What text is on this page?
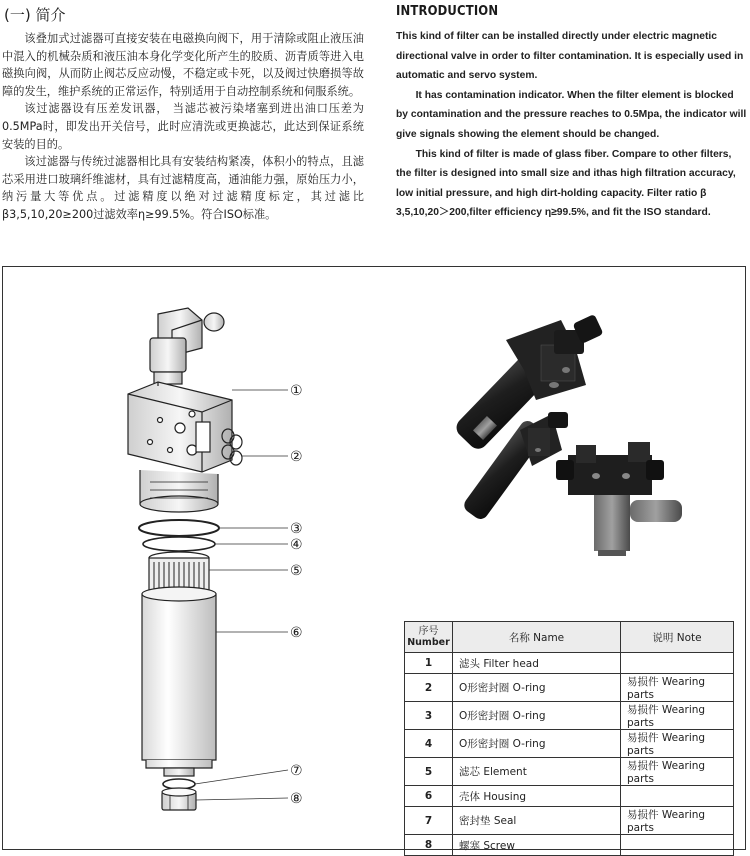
(一) 简介

该叠加式过滤器可直接安装在电磁换向阀下，用于清除或阻止液压油中混入的机械杂质和液压油本身化学变化所产生的胶质、沥青质等进入电磁换向阀，从而防止阀芯反应动慢，不稳定或卡死，以及阀过快磨损等故障的发生，维护系统的正常运作，特别适用于自动控制系统和伺服系统。

该过滤器设有压差发讯器， 当滤芯被污染堵塞到进出油口压差为0.5MPa时，即发出开关信号，此时应清洗或更换滤芯，此达到保证系统安装的目的。

该过滤器与传统过滤器相比具有安装结构紧凑，体积小的特点，且滤芯采用进口玻璃纤维滤材，具有过滤精度高，通油能力强，原始压力小，纳污量大等优点。过滤精度以绝对过滤精度标定，其过滤比 β3,5,10,20≥200过滤效率η≥99.5%。符合ISO标准。

INTRODUCTION

This kind of filter can be installed directly under electric magnetic directional valve in order to filter contamination. It is especially used in automatic and servo system.

It has contamination indicator. When the filter element is blocked by contamination and the pressure reaches to 0.5Mpa, the indicator will give signals showing the element should be changed.

This kind of filter is made of glass fiber. Compare to other filters, the filter is designed into small size and ithas high filtration accuracy, low initial pressure, and high dirt-holding capacity. Filter ratio β 3,5,10,20＞200,filter efficiency η≥99.5%, and fit the ISO standard.

①
②
③
④
⑤
⑥
⑦
⑧
序号
Number	名称 Name	说明 Note
1	滤头 Filter head	
2	O形密封圈 O-ring	易损件 Wearing parts
3	O形密封圈 O-ring	易损件 Wearing parts
4	O形密封圈 O-ring	易损件 Wearing parts
5	滤芯 Element	易损件 Wearing parts
6	壳体 Housing	
7	密封垫 Seal	易损件 Wearing parts
8	螺塞 Screw	
